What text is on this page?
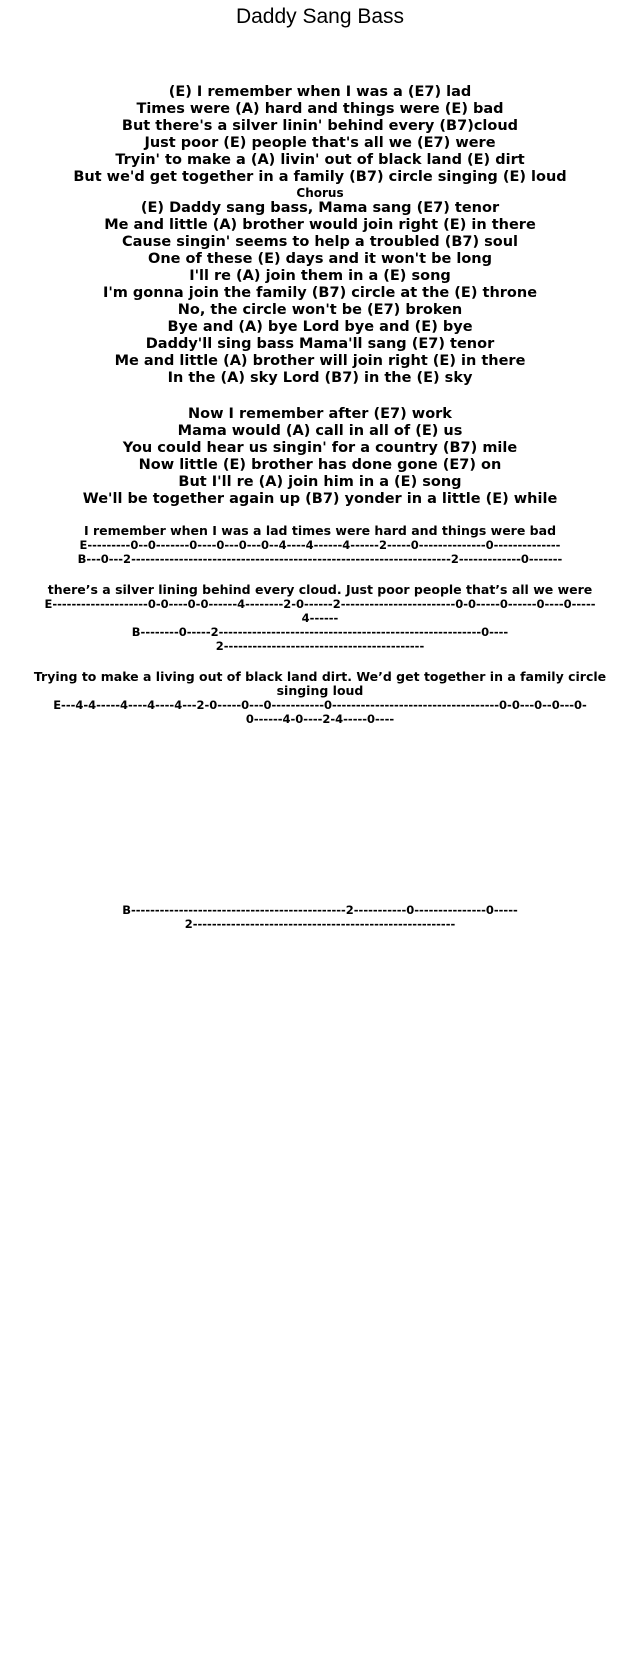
Daddy Sang Bass
(E) I remember when I was a (E7) lad
Times were (A) hard and things were (E) bad
But there's a silver linin' behind every (B7)cloud
Just poor (E) people that's all we (E7) were
Tryin' to make a (A) livin' out of black land (E) dirt
But we'd get together in a family (B7) circle singing (E) loud
Chorus
(E) Daddy sang bass, Mama sang (E7) tenor
Me and little (A) brother would join right (E) in there
Cause singin' seems to help a troubled (B7) soul
One of these (E) days and it won't be long
I'll re (A) join them in a (E) song
I'm gonna join the family (B7) circle at the (E) throne
No, the circle won't be (E7) broken
Bye and (A) bye Lord bye and (E) bye
Daddy'll sing bass Mama'll sang (E7) tenor
Me and little (A) brother will join right (E) in there
In the (A) sky Lord (B7) in the (E) sky
Now I remember after (E7) work
Mama would (A) call in all of (E) us
You could hear us singin' for a country (B7) mile
Now little (E) brother has done gone (E7) on
But I'll re (A) join him in a (E) song
We'll be together again up (B7) yonder in a little (E) while
I remember when I was a lad times were hard and things were bad
E---------0--0-------0----0---0---0--4----4------4------2-----0--------------0--------------
B---0---2-------------------------------------------------------------------2-------------0-------
there’s a silver lining behind every cloud. Just poor people that’s all we were
E--------------------0-0----0-0------4--------2-0------2------------------------0-0-----0------0----0-----
4------
B--------0-----2-------------------------------------------------------0----
2------------------------------------------
Trying to make a living out of black land dirt. We’d get together in a family circle singing loud
E---4-4-----4----4----4---2-0-----0---0-----------0-----------------------------------0-0---0--0---0-
0------4-0----2-4-----0----
B---------------------------------------------2-----------0---------------0-----
2-------------------------------------------------------
